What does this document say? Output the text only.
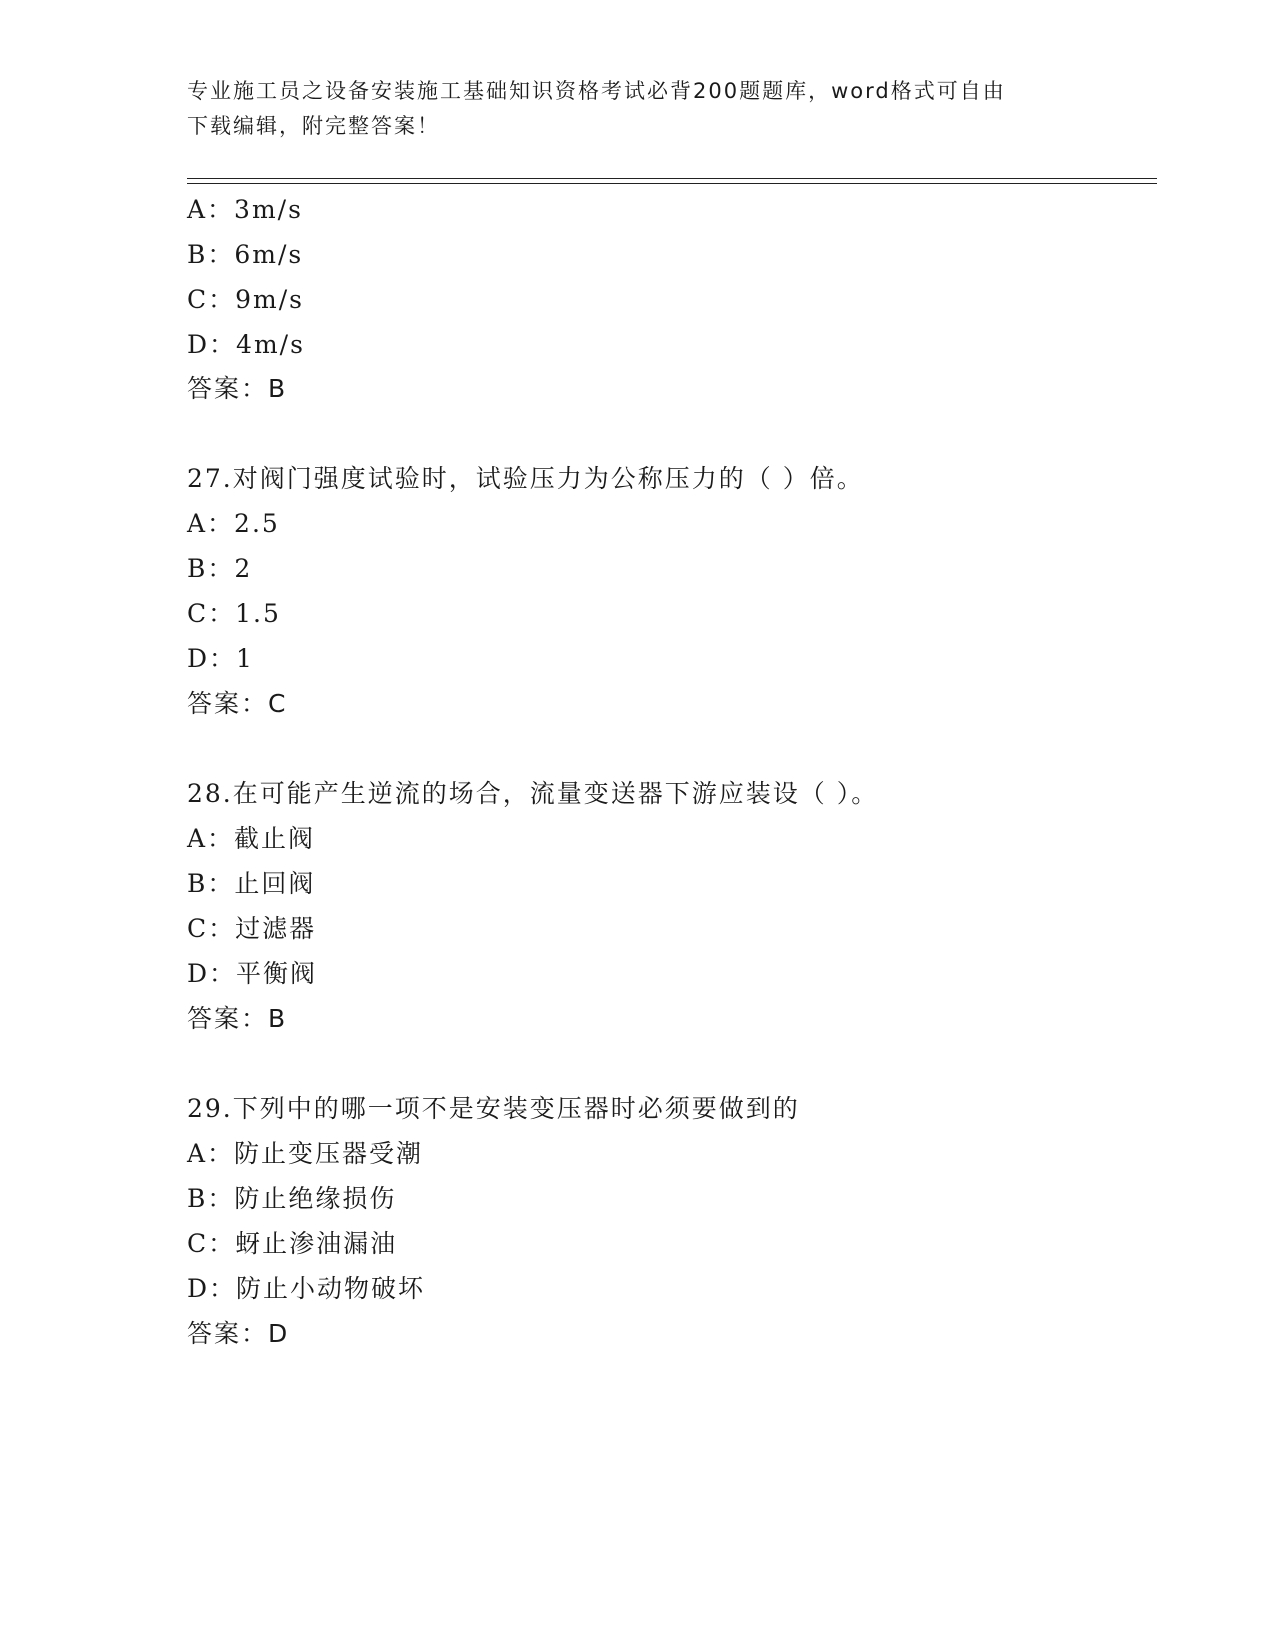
专业施工员之设备安装施工基础知识资格考试必背200题题库，word格式可自由
下载编辑，附完整答案！
A：3m/s
B：6m/s
C：9m/s
D：4m/s
答案：B
27.对阀门强度试验时，试验压力为公称压力的（ ）倍。
A：2.5
B：2
C：1.5
D：1
答案：C
28.在可能产生逆流的场合，流量变送器下游应装设（ ）。
A：截止阀
B：止回阀
C：过滤器
D：平衡阀
答案：B
29.下列中的哪一项不是安装变压器时必须要做到的
A：防止变压器受潮
B：防止绝缘损伤
C：蚜止渗油漏油
D：防止小动物破坏
答案：D
